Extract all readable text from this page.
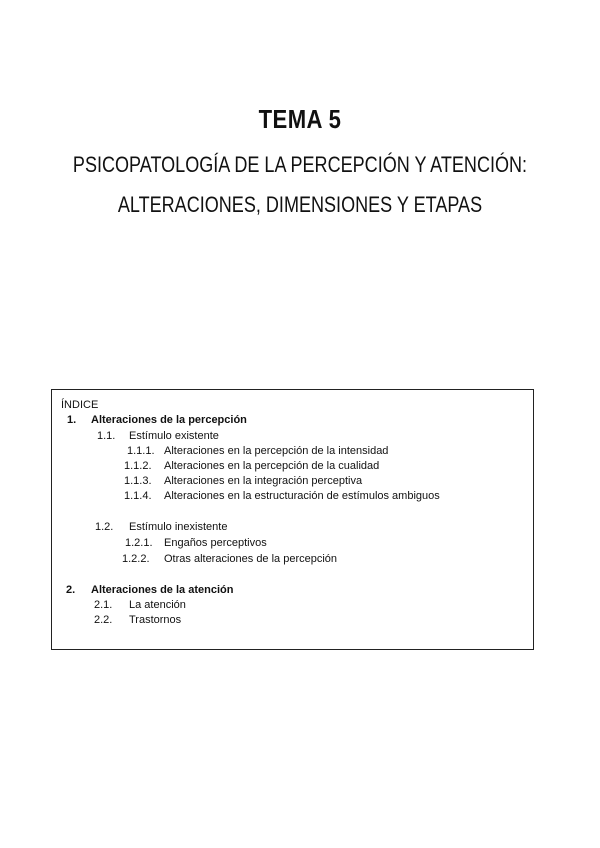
TEMA 5
PSICOPATOLOGÍA DE LA PERCEPCIÓN Y ATENCIÓN:
ALTERACIONES, DIMENSIONES Y ETAPAS
ÍNDICE
1. Alteraciones de la percepción
1.1. Estímulo existente
1.1.1. Alteraciones en la percepción de la intensidad
1.1.2. Alteraciones en la percepción de la cualidad
1.1.3. Alteraciones en la integración perceptiva
1.1.4. Alteraciones en la estructuración de estímulos ambiguos
1.2. Estímulo inexistente
1.2.1. Engaños perceptivos
1.2.2. Otras alteraciones de la percepción
2. Alteraciones de la atención
2.1. La atención
2.2. Trastornos
